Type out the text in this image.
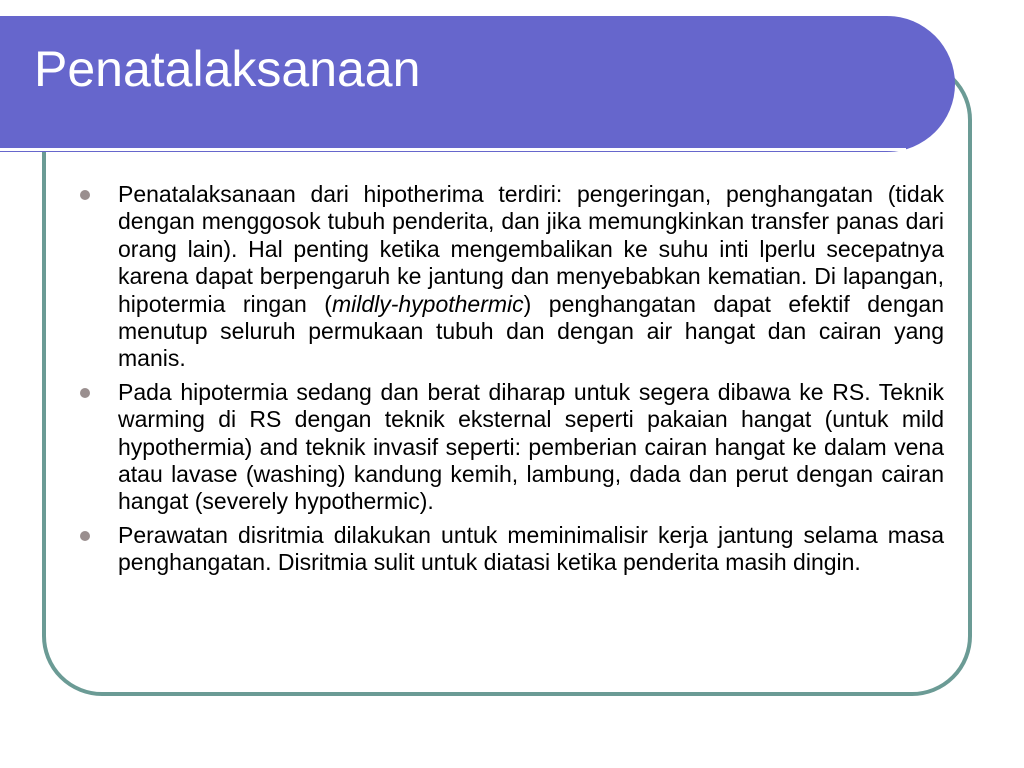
Penatalaksanaan
Penatalaksanaan dari hipotherima terdiri: pengeringan, penghangatan (tidak dengan menggosok tubuh penderita, dan jika memungkinkan transfer panas dari orang lain). Hal penting ketika mengembalikan ke suhu inti lperlu secepatnya karena dapat berpengaruh ke jantung dan menyebabkan kematian. Di lapangan, hipotermia ringan (mildly-hypothermic) penghangatan dapat efektif dengan menutup seluruh permukaan tubuh dan dengan air hangat dan cairan yang manis.
Pada hipotermia sedang dan berat diharap untuk segera dibawa ke RS. Teknik warming di RS dengan teknik eksternal seperti pakaian hangat (untuk mild hypothermia) and teknik invasif seperti: pemberian cairan hangat ke dalam vena atau lavase (washing) kandung kemih, lambung, dada dan perut dengan cairan hangat (severely hypothermic).
Perawatan disritmia dilakukan untuk meminimalisir kerja jantung selama masa penghangatan. Disritmia sulit untuk diatasi ketika penderita masih dingin.
